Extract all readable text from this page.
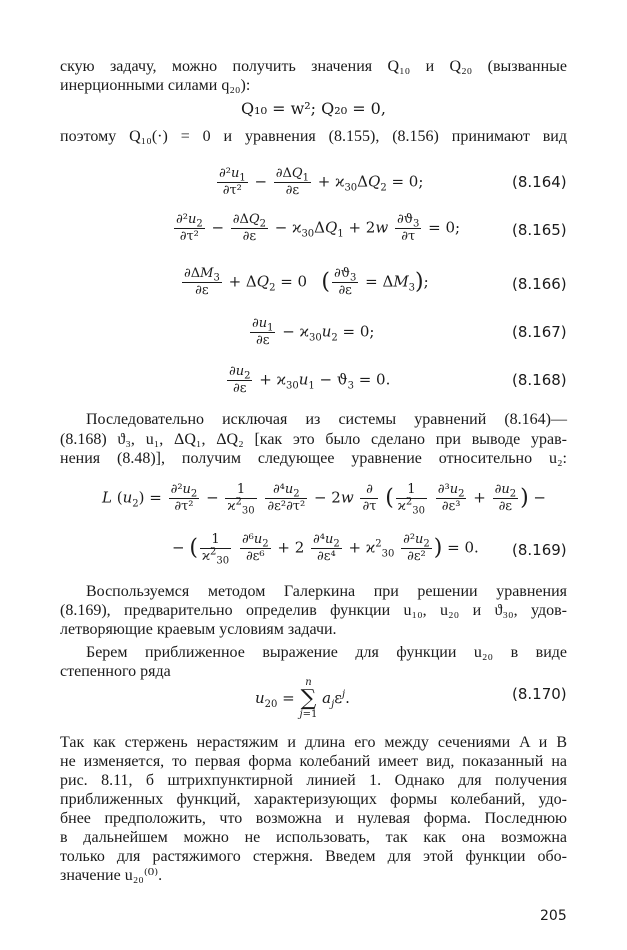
скую задачу, можно получить значения Q₁₀ и Q₂₀ (вызванные
инерционными силами q₂₀):
Q₁₀ = w²; Q₂₀ = 0,
поэтому Q₁₀(·) = 0 и уравнения (8.155), (8.156) принимают вид
$\frac{\partial^2u_1}{\text{∂τ²}} - \frac{\partial\Delta Q_1}{\partial\varepsilon} + ϰ_{30}\Delta Q_2 = 0$;	(8.164)
$\frac{\partial^2u_2}{\text{∂τ²}} - \frac{\partial\Delta Q_2}{\partial\varepsilon} - ϰ_{30}\Delta Q_1 + 2w \frac{\partial ϑ_3}{\partial\tau} = 0$;	(8.165)
$\frac{\partial\Delta M_3}{\partial\varepsilon} + \Delta Q_2 = 0$   ( $\frac{\partial ϑ_3}{\partial\varepsilon} = \Delta M_3$);	(8.166)
$\frac{\partial u_1}{\partial\varepsilon} - ϰ_{30}u_2 = 0$;	(8.167)
$\frac{\partial u_2}{\partial\varepsilon} + ϰ_{30}u_1 - ϑ_3 = 0$.	(8.168)
Последовательно исключая из системы уравнений (8.164)—
(8.168) ϑ₃, u₁, ΔQ₁, ΔQ₂ [как это было сделано при выводе урав-
нения (8.48)], получим следующее уравнение относительно u₂:
L $(u_2) = \frac{\partial^2u_2}{\text{∂τ²}} - \frac{1}{ϰ^2_{30}}$
$\frac{\partial^4u_2}{\text{∂ε²∂τ²}} - 2w \frac{\partial}{\partial\tau}$ ( $\frac{1}{ϰ^2_{30}}$
$\frac{\partial^3u_2}{\text{∂ε³}} + \frac{\partial u_2}{\partial\varepsilon}$ ) −
− ( $\frac{1}{ϰ^2_{30}}$
$\frac{\partial^6u_2}{\text{∂ε⁶}} + 2 \frac{\partial^4u_2}{\text{∂ε⁴}} + ϰ^2_{30} \frac{\partial^2u_2}{\text{∂ε²}}$ ) = 0. (8.169)
Воспользуемся методом Галеркина при решении уравнения
(8.169), предварительно определив функции u₁₀, u₂₀ и ϑ₃₀, удов-
летворяющие краевым условиям задачи.
Берем приближенное выражение для функции u₂₀ в виде
степенного ряда
$u_{20}$ =
n
∑
j=1
$a_j\varepsilon^j$.	(8.170)
Так как стержень нерастяжим и длина его между сечениями A и B
не изменяется, то первая форма колебаний имеет вид, показанный на
рис. 8.11, б штрихпунктирной линией 1. Однако для получения
приближенных функций, характеризующих формы колебаний, удо-
бнее предположить, что возможна и нулевая форма. Последнюю
в дальнейшем можно не использовать, так как она возможна
только для растяжимого стержня. Введем для этой функции обо-
значение u₂₀⁽⁰⁾.
205
